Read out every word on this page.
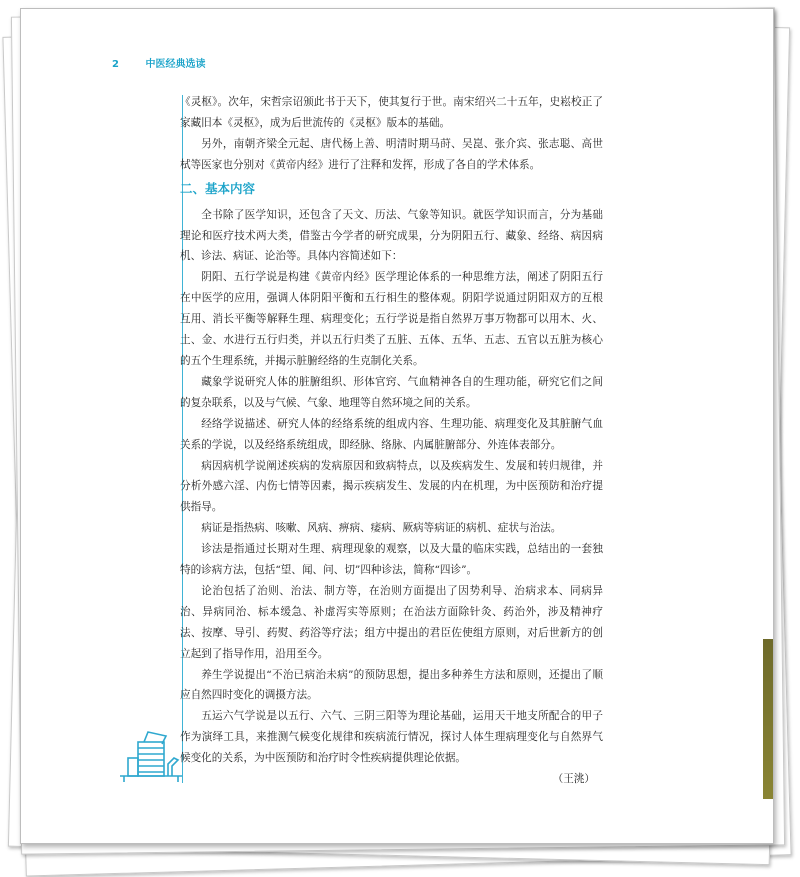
2	中医经典选读

《灵枢》。次年，宋哲宗诏颁此书于天下，使其复行于世。南宋绍兴二十五年，史崧校正了家藏旧本《灵枢》，成为后世流传的《灵枢》版本的基础。

另外，南朝齐梁全元起、唐代杨上善、明清时期马莳、吴崑、张介宾、张志聪、高世栻等医家也分别对《黄帝内经》进行了注释和发挥，形成了各自的学术体系。

二、基本内容

全书除了医学知识，还包含了天文、历法、气象等知识。就医学知识而言，分为基础理论和医疗技术两大类，借鉴古今学者的研究成果，分为阴阳五行、藏象、经络、病因病机、诊法、病证、论治等。具体内容简述如下：

阴阳、五行学说是构建《黄帝内经》医学理论体系的一种思维方法，阐述了阴阳五行在中医学的应用，强调人体阴阳平衡和五行相生的整体观。阴阳学说通过阴阳双方的互根互用、消长平衡等解释生理、病理变化；五行学说是指自然界万事万物都可以用木、火、土、金、水进行五行归类，并以五行归类了五脏、五体、五华、五志、五官以五脏为核心的五个生理系统，并揭示脏腑经络的生克制化关系。

藏象学说研究人体的脏腑组织、形体官窍、气血精神各自的生理功能，研究它们之间的复杂联系，以及与气候、气象、地理等自然环境之间的关系。

经络学说描述、研究人体的经络系统的组成内容、生理功能、病理变化及其脏腑气血关系的学说，以及经络系统组成，即经脉、络脉、内属脏腑部分、外连体表部分。

病因病机学说阐述疾病的发病原因和致病特点，以及疾病发生、发展和转归规律，并分析外感六淫、内伤七情等因素，揭示疾病发生、发展的内在机理，为中医预防和治疗提供指导。

病证是指热病、咳嗽、风病、痹病、痿病、厥病等病证的病机、症状与治法。

诊法是指通过长期对生理、病理现象的观察，以及大量的临床实践，总结出的一套独特的诊病方法，包括“望、闻、问、切”四种诊法，简称“四诊”。

论治包括了治则、治法、制方等，在治则方面提出了因势利导、治病求本、同病异治、异病同治、标本缓急、补虚泻实等原则；在治法方面除针灸、药治外，涉及精神疗法、按摩、导引、药熨、药浴等疗法；组方中提出的君臣佐使组方原则，对后世新方的创立起到了指导作用，沿用至今。

养生学说提出“不治已病治未病”的预防思想，提出多种养生方法和原则，还提出了顺应自然四时变化的调摄方法。

五运六气学说是以五行、六气、三阴三阳等为理论基础，运用天干地支所配合的甲子作为演绎工具，来推测气候变化规律和疾病流行情况，探讨人体生理病理变化与自然界气候变化的关系，为中医预防和治疗时令性疾病提供理论依据。

（王洮）
